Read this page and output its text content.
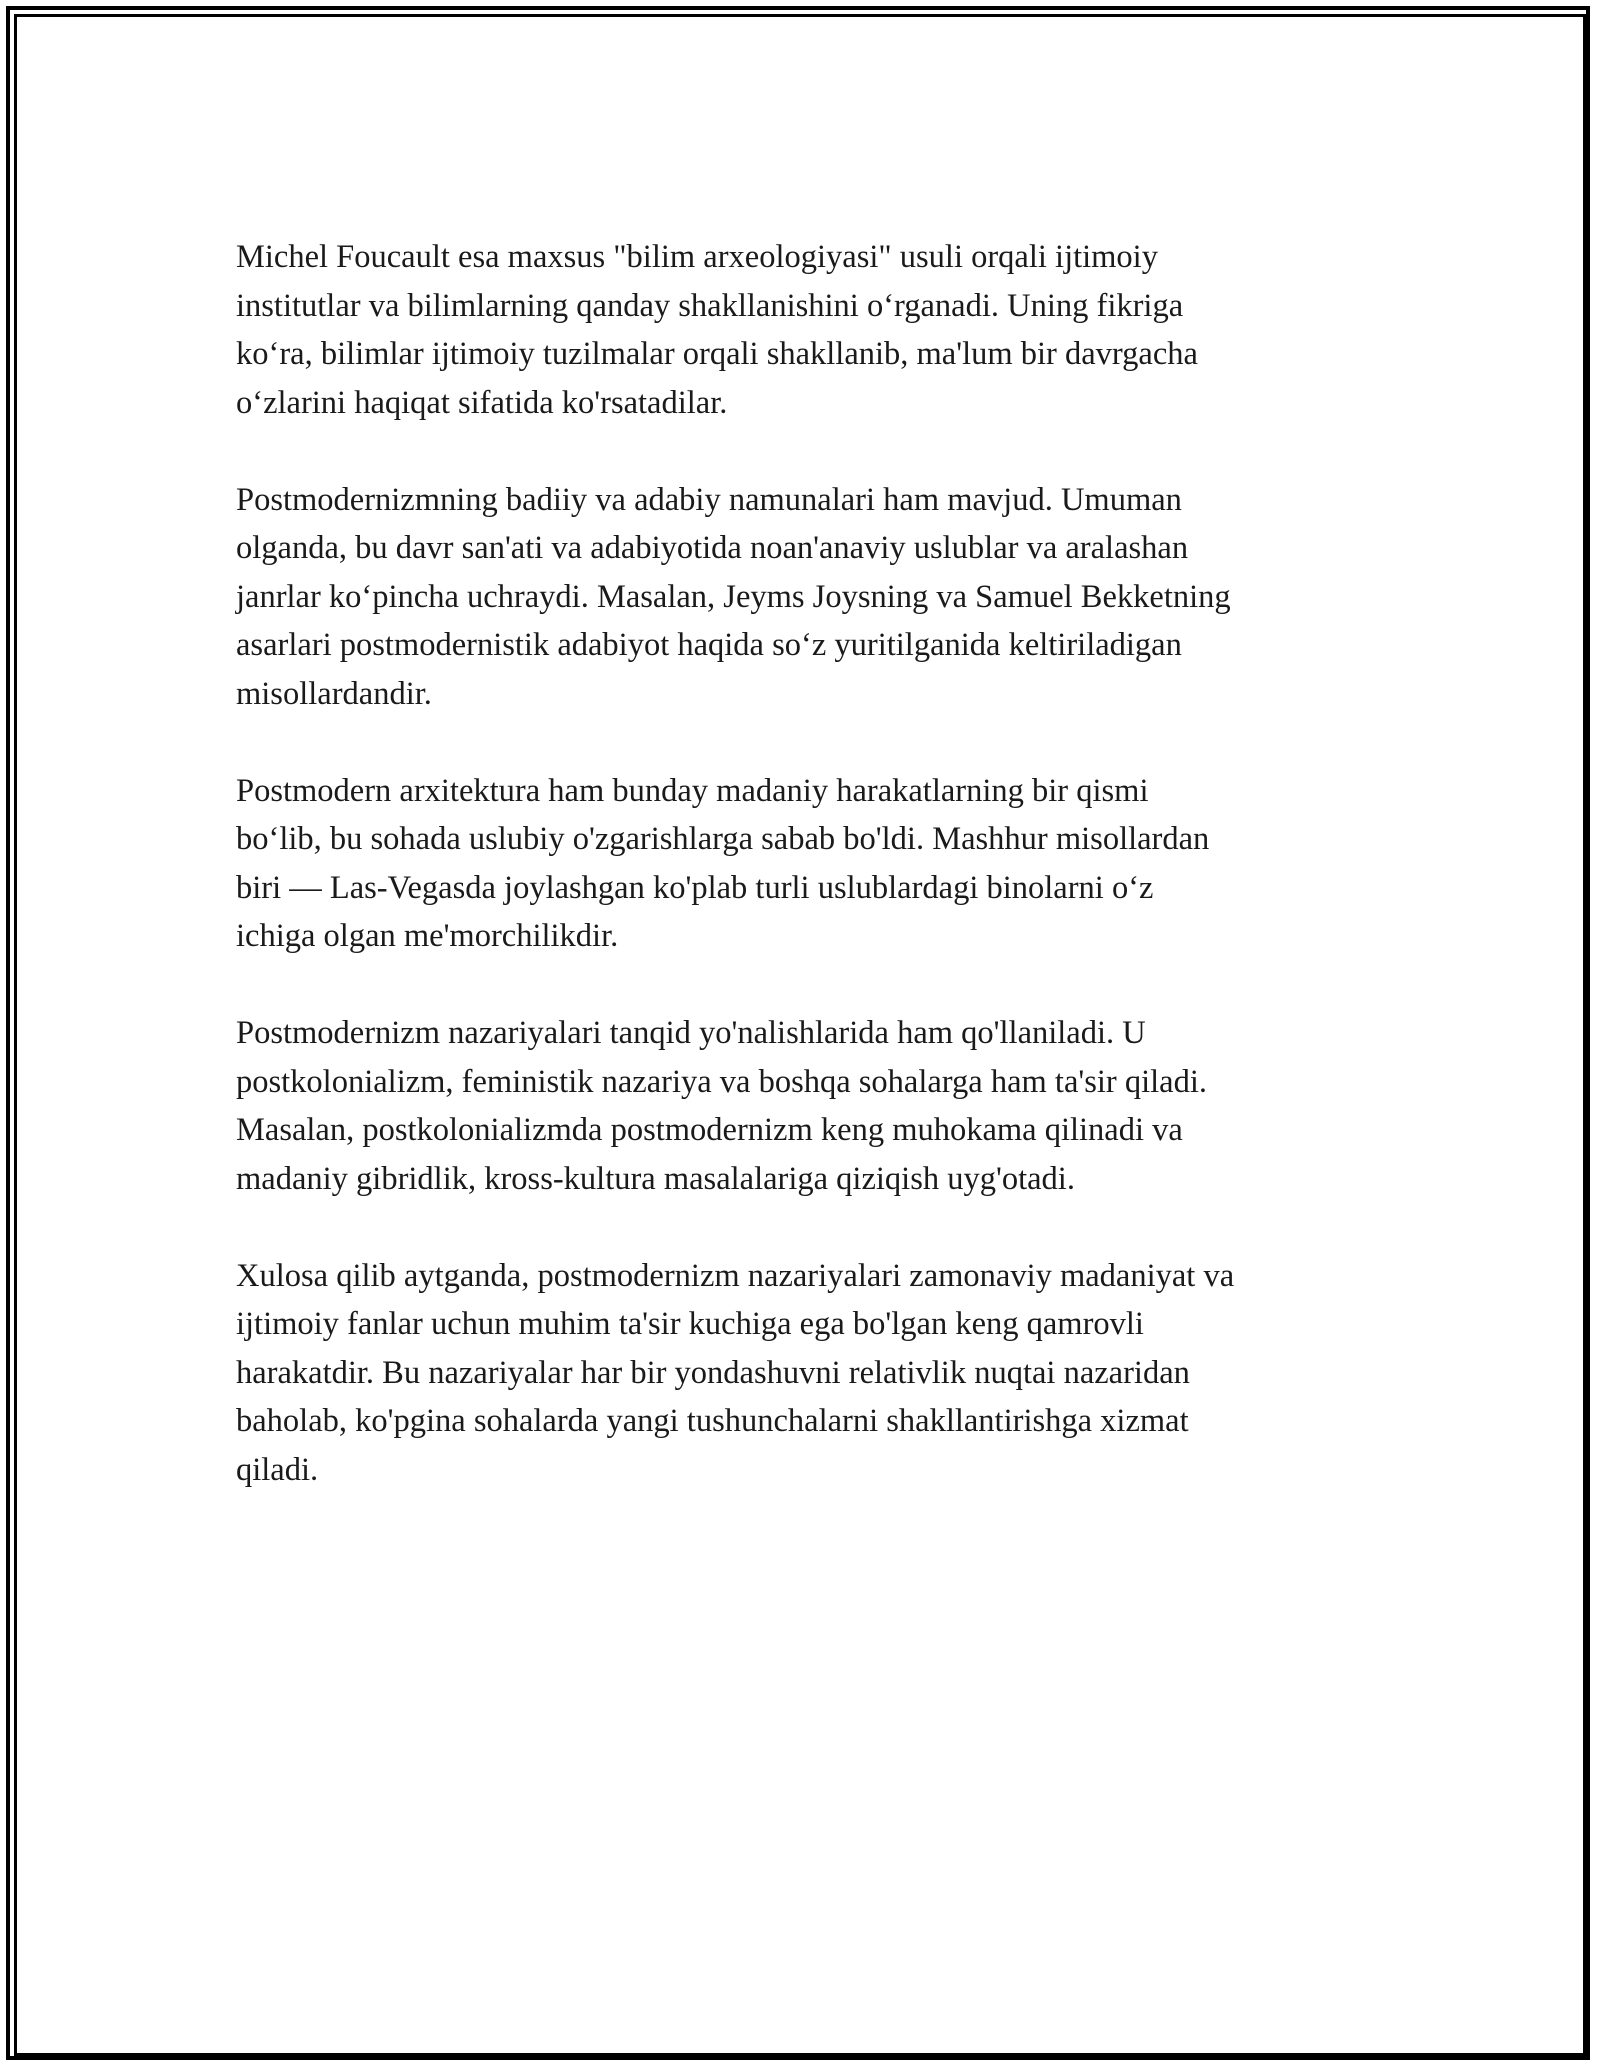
Michel Foucault esa maxsus "bilim arxeologiyasi" usuli orqali ijtimoiy
institutlar va bilimlarning qanday shakllanishini o‘rganadi. Uning fikriga
ko‘ra, bilimlar ijtimoiy tuzilmalar orqali shakllanib, ma'lum bir davrgacha
o‘zlarini haqiqat sifatida ko'rsatadilar.

Postmodernizmning badiiy va adabiy namunalari ham mavjud. Umuman
olganda, bu davr san'ati va adabiyotida noan'anaviy uslublar va aralashan
janrlar ko‘pincha uchraydi. Masalan, Jeyms Joysning va Samuel Bekketning
asarlari postmodernistik adabiyot haqida so‘z yuritilganida keltiriladigan
misollardandir.

Postmodern arxitektura ham bunday madaniy harakatlarning bir qismi
bo‘lib, bu sohada uslubiy o'zgarishlarga sabab bo'ldi. Mashhur misollardan
biri — Las-Vegasda joylashgan ko'plab turli uslublardagi binolarni o‘z
ichiga olgan me'morchilikdir.

Postmodernizm nazariyalari tanqid yo'nalishlarida ham qo'llaniladi. U
postkolonializm, feministik nazariya va boshqa sohalarga ham ta'sir qiladi.
Masalan, postkolonializmda postmodernizm keng muhokama qilinadi va
madaniy gibridlik, kross-kultura masalalariga qiziqish uyg'otadi.

Xulosa qilib aytganda, postmodernizm nazariyalari zamonaviy madaniyat va
ijtimoiy fanlar uchun muhim ta'sir kuchiga ega bo'lgan keng qamrovli
harakatdir. Bu nazariyalar har bir yondashuvni relativlik nuqtai nazaridan
baholab, ko'pgina sohalarda yangi tushunchalarni shakllantirishga xizmat
qiladi.
